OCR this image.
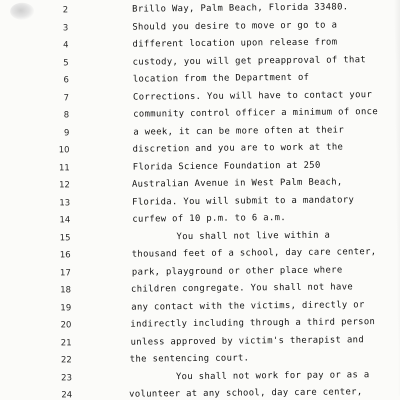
2	Brillo Way, Palm Beach, Florida 33480.
3	Should you desire to move or go to a
4	different location upon release from
5	custody, you will get preapproval of that
6	location from the Department of
7	Corrections. You will have to contact your
8	community control officer a minimum of once
9	a week, it can be more often at their
10	discretion and you are to work at the
11	Florida Science Foundation at 250
12	Australian Avenue in West Palm Beach,
13	Florida. You will submit to a mandatory
14	curfew of 10 p.m. to 6 a.m.
15	You shall not live within a
16	thousand feet of a school, day care center,
17	park, playground or other place where
18	children congregate. You shall not have
19	any contact with the victims, directly or
20	indirectly including through a third person
21	unless approved by victim's therapist and
22	the sentencing court.
23	You shall not work for pay or as a
24	volunteer at any school, day care center,
